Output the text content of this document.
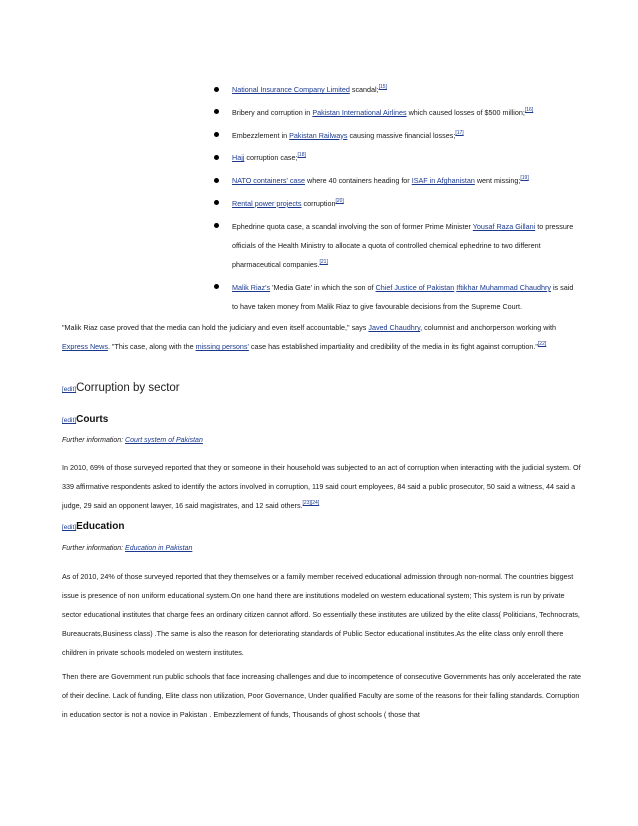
National Insurance Company Limited scandal;[15]
Bribery and corruption in Pakistan International Airlines which caused losses of $500 million;[16]
Embezzlement in Pakistan Railways causing massive financial losses;[17]
Hajj corruption case;[18]
NATO containers' case where 40 containers heading for ISAF in Afghanistan went missing;[19]
Rental power projects corruption[20]
Ephedrine quota case, a scandal involving the son of former Prime Minister Yousaf Raza Gillani to pressure officials of the Health Ministry to allocate a quota of controlled chemical ephedrine to two different pharmaceutical companies.[21]
Malik Riaz's 'Media Gate' in which the son of Chief Justice of Pakistan Iftikhar Muhammad Chaudhry is said to have taken money from Malik Riaz to give favourable decisions from the Supreme Court.
"Malik Riaz case proved that the media can hold the judiciary and even itself accountable," says Javed Chaudhry, columnist and anchorperson working with Express News. "This case, along with the missing persons' case has established impartiality and credibility of the media in its fight against corruption."[22]
[edit]Corruption by sector
[edit]Courts
Further information: Court system of Pakistan
In 2010, 69% of those surveyed reported that they or someone in their household was subjected to an act of corruption when interacting with the judicial system. Of 339 affirmative respondents asked to identify the actors involved in corruption, 119 said court employees, 84 said a public prosecutor, 50 said a witness, 44 said a judge, 29 said an opponent lawyer, 16 said magistrates, and 12 said others.[23][24]
[edit]Education
Further information: Education in Pakistan
As of 2010, 24% of those surveyed reported that they themselves or a family member received educational admission through non-normal. The countries biggest issue is presence of non uniform educational system.On one hand there are institutions modeled on western educational system; This system is run by private sector educational institutes that charge fees an ordinary citizen cannot afford. So essentially these institutes are utilized by the elite class( Politicians, Technocrats, Bureaucrats,Business class) .The same is also the reason for deteriorating standards of Public Sector educational institutes.As the elite class only enroll there children in private schools modeled on western institutes.
Then there are Government run public schools that face increasing challenges and due to incompetence of consecutive Governments has only accelerated the rate of their decline. Lack of funding, Elite class non utilization, Poor Governance, Under qualified Faculty are some of the reasons for their falling standards. Corruption in education sector is not a novice in Pakistan . Embezzlement of funds, Thousands of ghost schools ( those that
